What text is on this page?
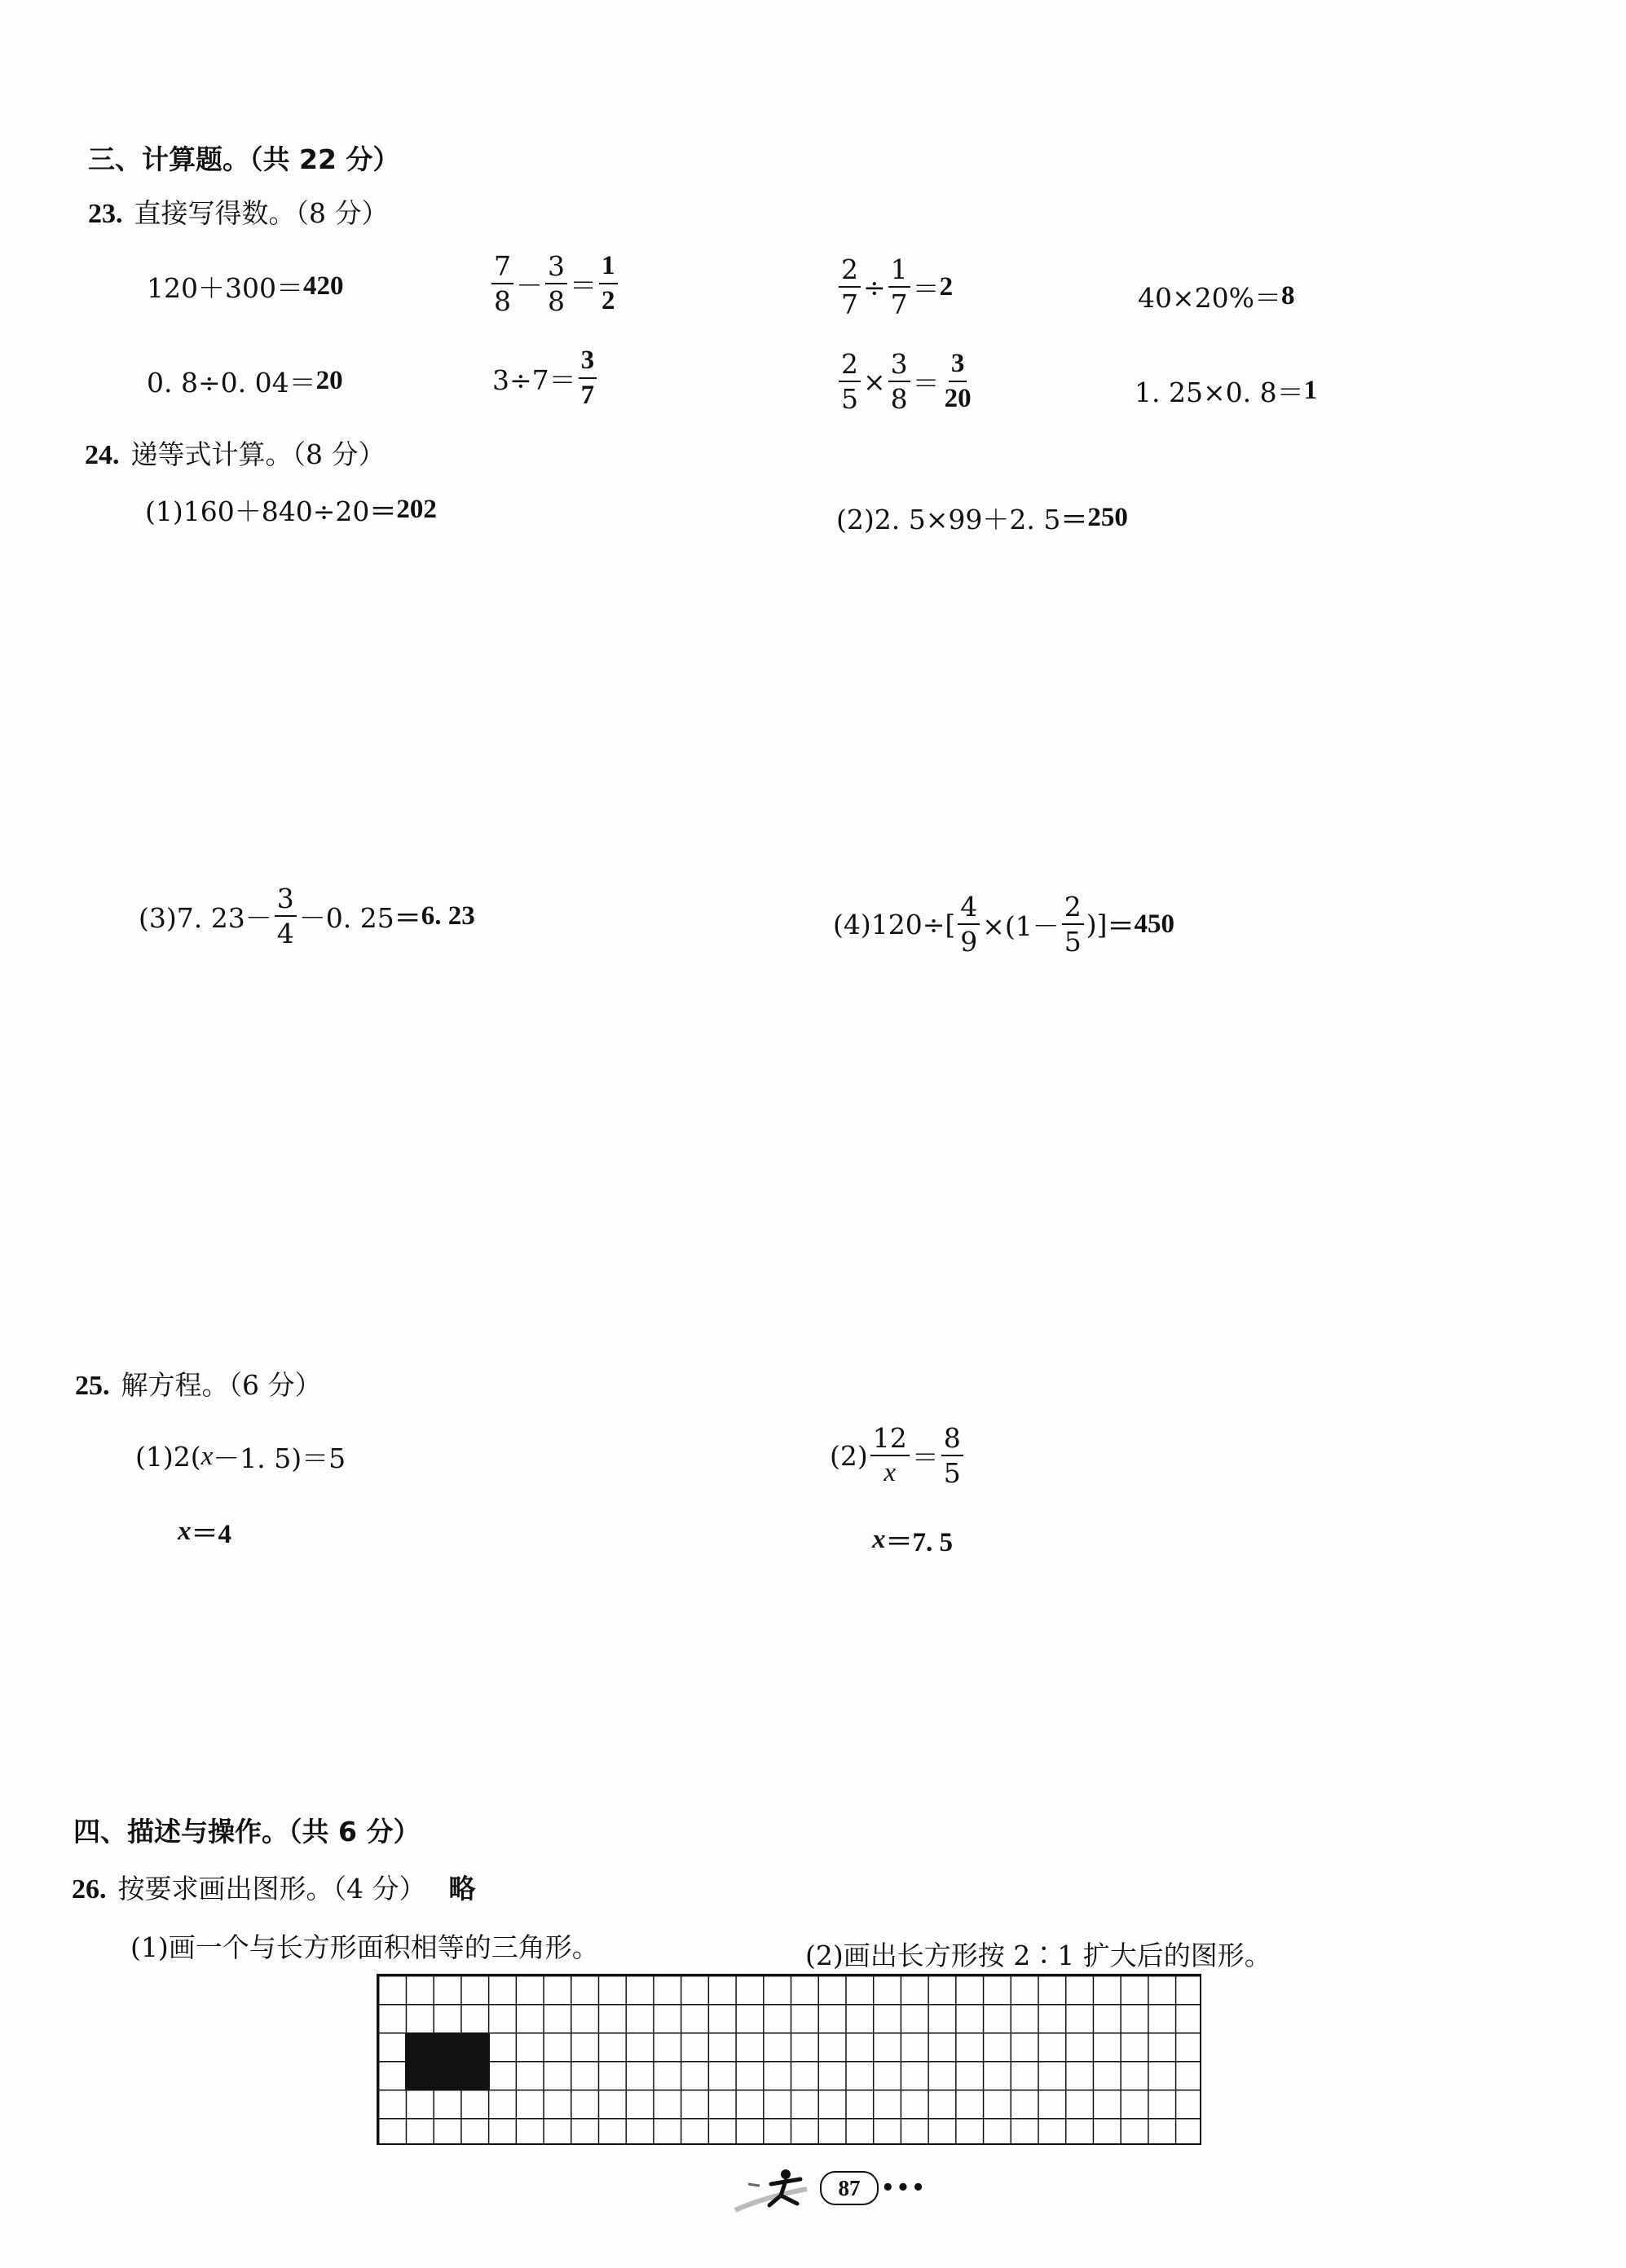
三、计算题。（共 22 分）
23. 直接写得数。（8 分）
120＋300＝ 420	$\frac{7}{8} - \frac{3}{8} = \frac{1}{2}$	$\frac{2}{7} \div \frac{1}{7} = 2$	40×20%＝ 8
0. 8÷0. 04＝ 20	$3\div 7= \frac{3}{7}$	$\frac{2}{5} \times \frac{3}{8} = \frac{3}{20}$	1. 25×0. 8＝ 1
24. 递等式计算。（8 分）
(1)160＋840÷20 ＝ 202	(2)2. 5×99＋2. 5 ＝ 250
(3)7. $23- \frac{3}{4} -0$. 25 ＝ 6. 23	$(4)120\div[ \frac{4}{9} \times(1- \frac{2}{5}$ )] ＝ 450
25. 解方程。（6 分）
(1)2( x －1. 5)＝5
x ＝4
$(2) \frac{12}{x} = \frac{8}{5}$
x ＝7. 5
四、描述与操作。（共 6 分）
26. 按要求画出图形。（4 分） 略
(1)画一个与长方形面积相等的三角形。	(2)画出长方形按 2∶1 扩大后的图形。
87 •••
